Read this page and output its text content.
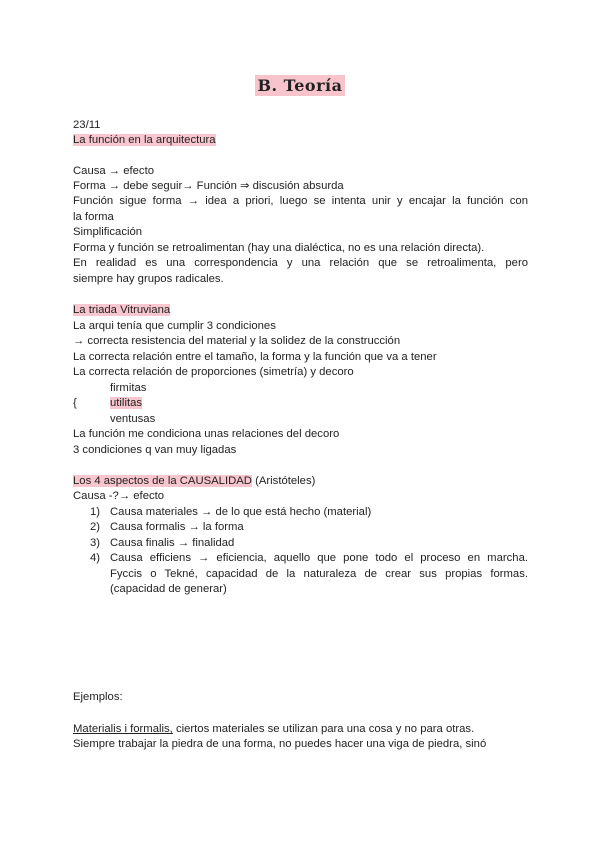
B. Teoría
23/11
La función en la arquitectura
Causa → efecto
Forma → debe seguir→ Función ⇒ discusión absurda
Función sigue forma → idea a priori, luego se intenta unir y encajar la función con
la forma
Simplificación
Forma y función se retroalimentan (hay una dialéctica, no es una relación directa).
En realidad es una correspondencia y una relación que se retroalimenta, pero
siempre hay grupos radicales.
La triada Vitruviana
La arqui tenía que cumplir 3 condiciones
→ correcta resistencia del material y la solidez de la construcción
La correcta relación entre el tamaño, la forma y la función que va a tener
La correcta relación de proporciones (simetría) y decoro
firmitas
{	utilitas
ventusas
La función me condiciona unas relaciones del decoro
3 condiciones q van muy ligadas
Los 4 aspectos de la CAUSALIDAD (Aristóteles)
Causa -?→ efecto
1) Causa materiales → de lo que está hecho (material)
2) Causa formalis → la forma
3) Causa finalis → finalidad
4) Causa efficiens → eficiencia, aquello que pone todo el proceso en marcha.
Fyccis o Tekné, capacidad de la naturaleza de crear sus propias formas.
(capacidad de generar)
Ejemplos:
Materialis i formalis, ciertos materiales se utilizan para una cosa y no para otras.
Siempre trabajar la piedra de una forma, no puedes hacer una viga de piedra, sinó
